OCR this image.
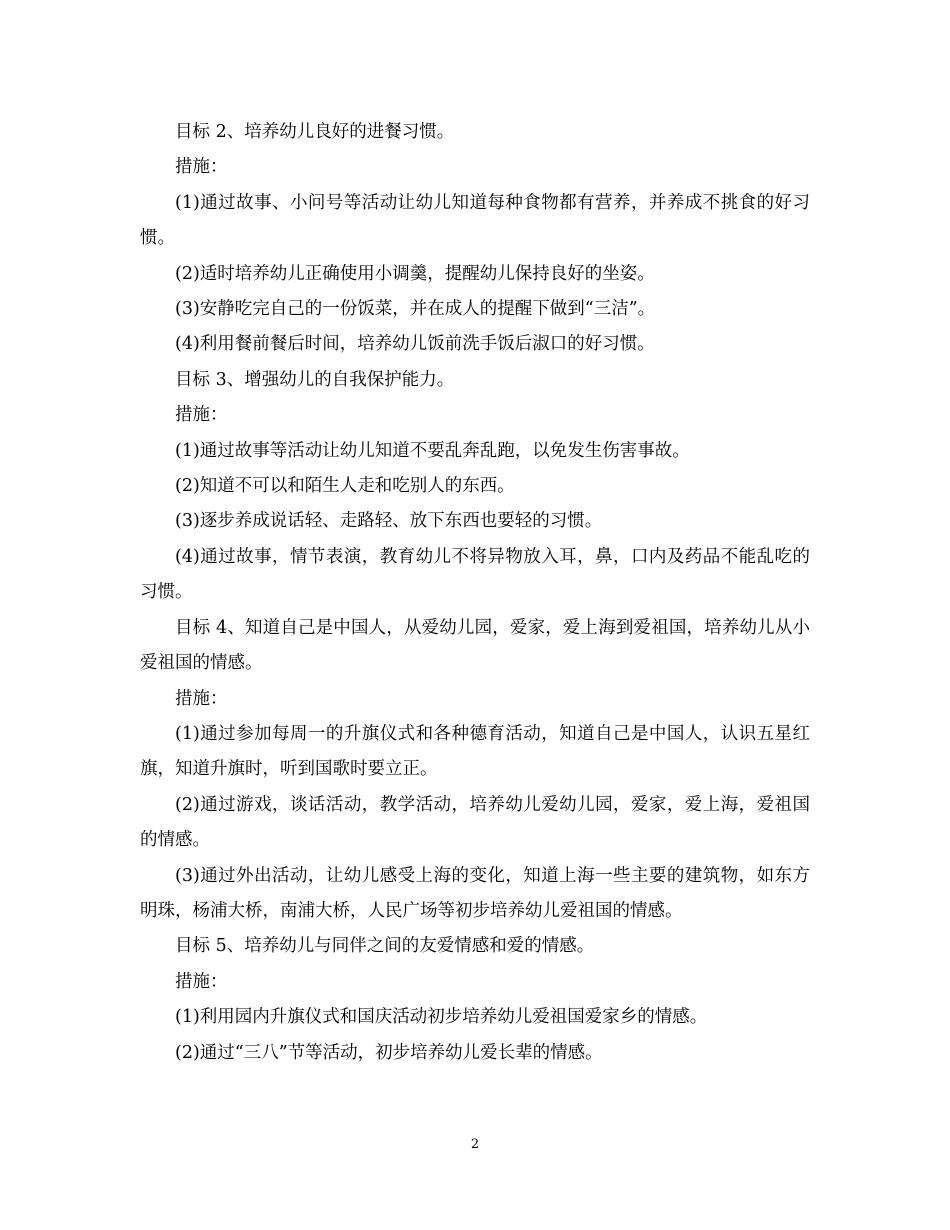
目标 2、培养幼儿良好的进餐习惯。

措施：

(1)通过故事、小问号等活动让幼儿知道每种食物都有营养，并养成不挑食的好习惯。

(2)适时培养幼儿正确使用小调羹，提醒幼儿保持良好的坐姿。

(3)安静吃完自己的一份饭菜，并在成人的提醒下做到“三洁”。

(4)利用餐前餐后时间，培养幼儿饭前洗手饭后淑口的好习惯。

目标 3、增强幼儿的自我保护能力。

措施：

(1)通过故事等活动让幼儿知道不要乱奔乱跑，以免发生伤害事故。

(2)知道不可以和陌生人走和吃别人的东西。

(3)逐步养成说话轻、走路轻、放下东西也要轻的习惯。

(4)通过故事，情节表演，教育幼儿不将异物放入耳，鼻，口内及药品不能乱吃的习惯。

目标 4、知道自己是中国人，从爱幼儿园，爱家，爱上海到爱祖国，培养幼儿从小爱祖国的情感。

措施：

(1)通过参加每周一的升旗仪式和各种德育活动，知道自己是中国人，认识五星红旗，知道升旗时，听到国歌时要立正。

(2)通过游戏，谈话活动，教学活动，培养幼儿爱幼儿园，爱家，爱上海，爱祖国的情感。

(3)通过外出活动，让幼儿感受上海的变化，知道上海一些主要的建筑物，如东方明珠，杨浦大桥，南浦大桥，人民广场等初步培养幼儿爱祖国的情感。

目标 5、培养幼儿与同伴之间的友爱情感和爱的情感。

措施：

(1)利用园内升旗仪式和国庆活动初步培养幼儿爱祖国爱家乡的情感。

(2)通过“三八”节等活动，初步培养幼儿爱长辈的情感。

2
